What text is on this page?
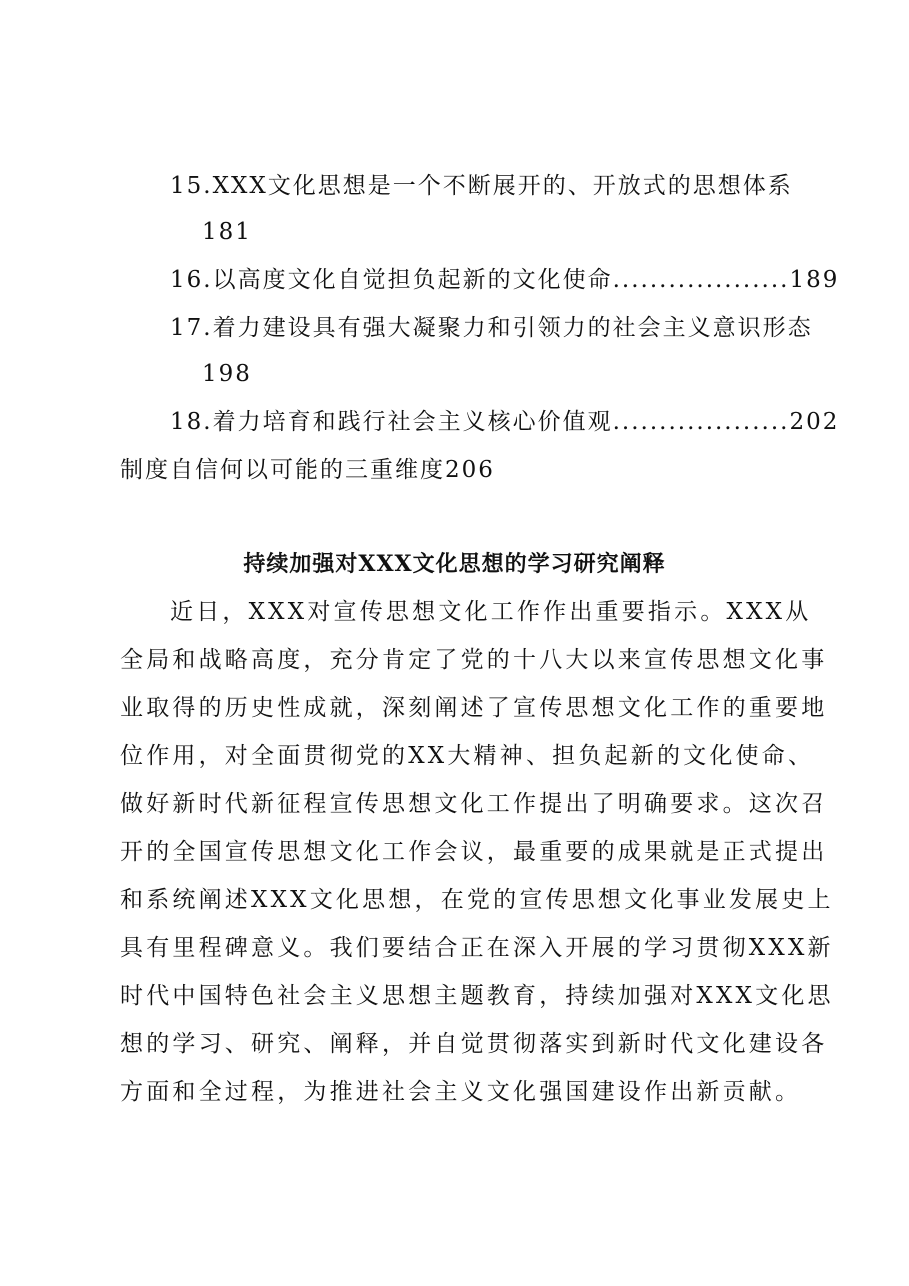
15.XXX文化思想是一个不断展开的、开放式的思想体系
181
16.以高度文化自觉担负起新的文化使命...................189
17.着力建设具有强大凝聚力和引领力的社会主义意识形态
198
18.着力培育和践行社会主义核心价值观...................202
制度自信何以可能的三重维度206
持续加强对XXX文化思想的学习研究阐释
近日，XXX对宣传思想文化工作作出重要指示。XXX从
全局和战略高度，充分肯定了党的十八大以来宣传思想文化事
业取得的历史性成就，深刻阐述了宣传思想文化工作的重要地
位作用，对全面贯彻党的XX大精神、担负起新的文化使命、
做好新时代新征程宣传思想文化工作提出了明确要求。这次召
开的全国宣传思想文化工作会议，最重要的成果就是正式提出
和系统阐述XXX文化思想，在党的宣传思想文化事业发展史上
具有里程碑意义。我们要结合正在深入开展的学习贯彻XXX新
时代中国特色社会主义思想主题教育，持续加强对XXX文化思
想的学习、研究、阐释，并自觉贯彻落实到新时代文化建设各
方面和全过程，为推进社会主义文化强国建设作出新贡献。
